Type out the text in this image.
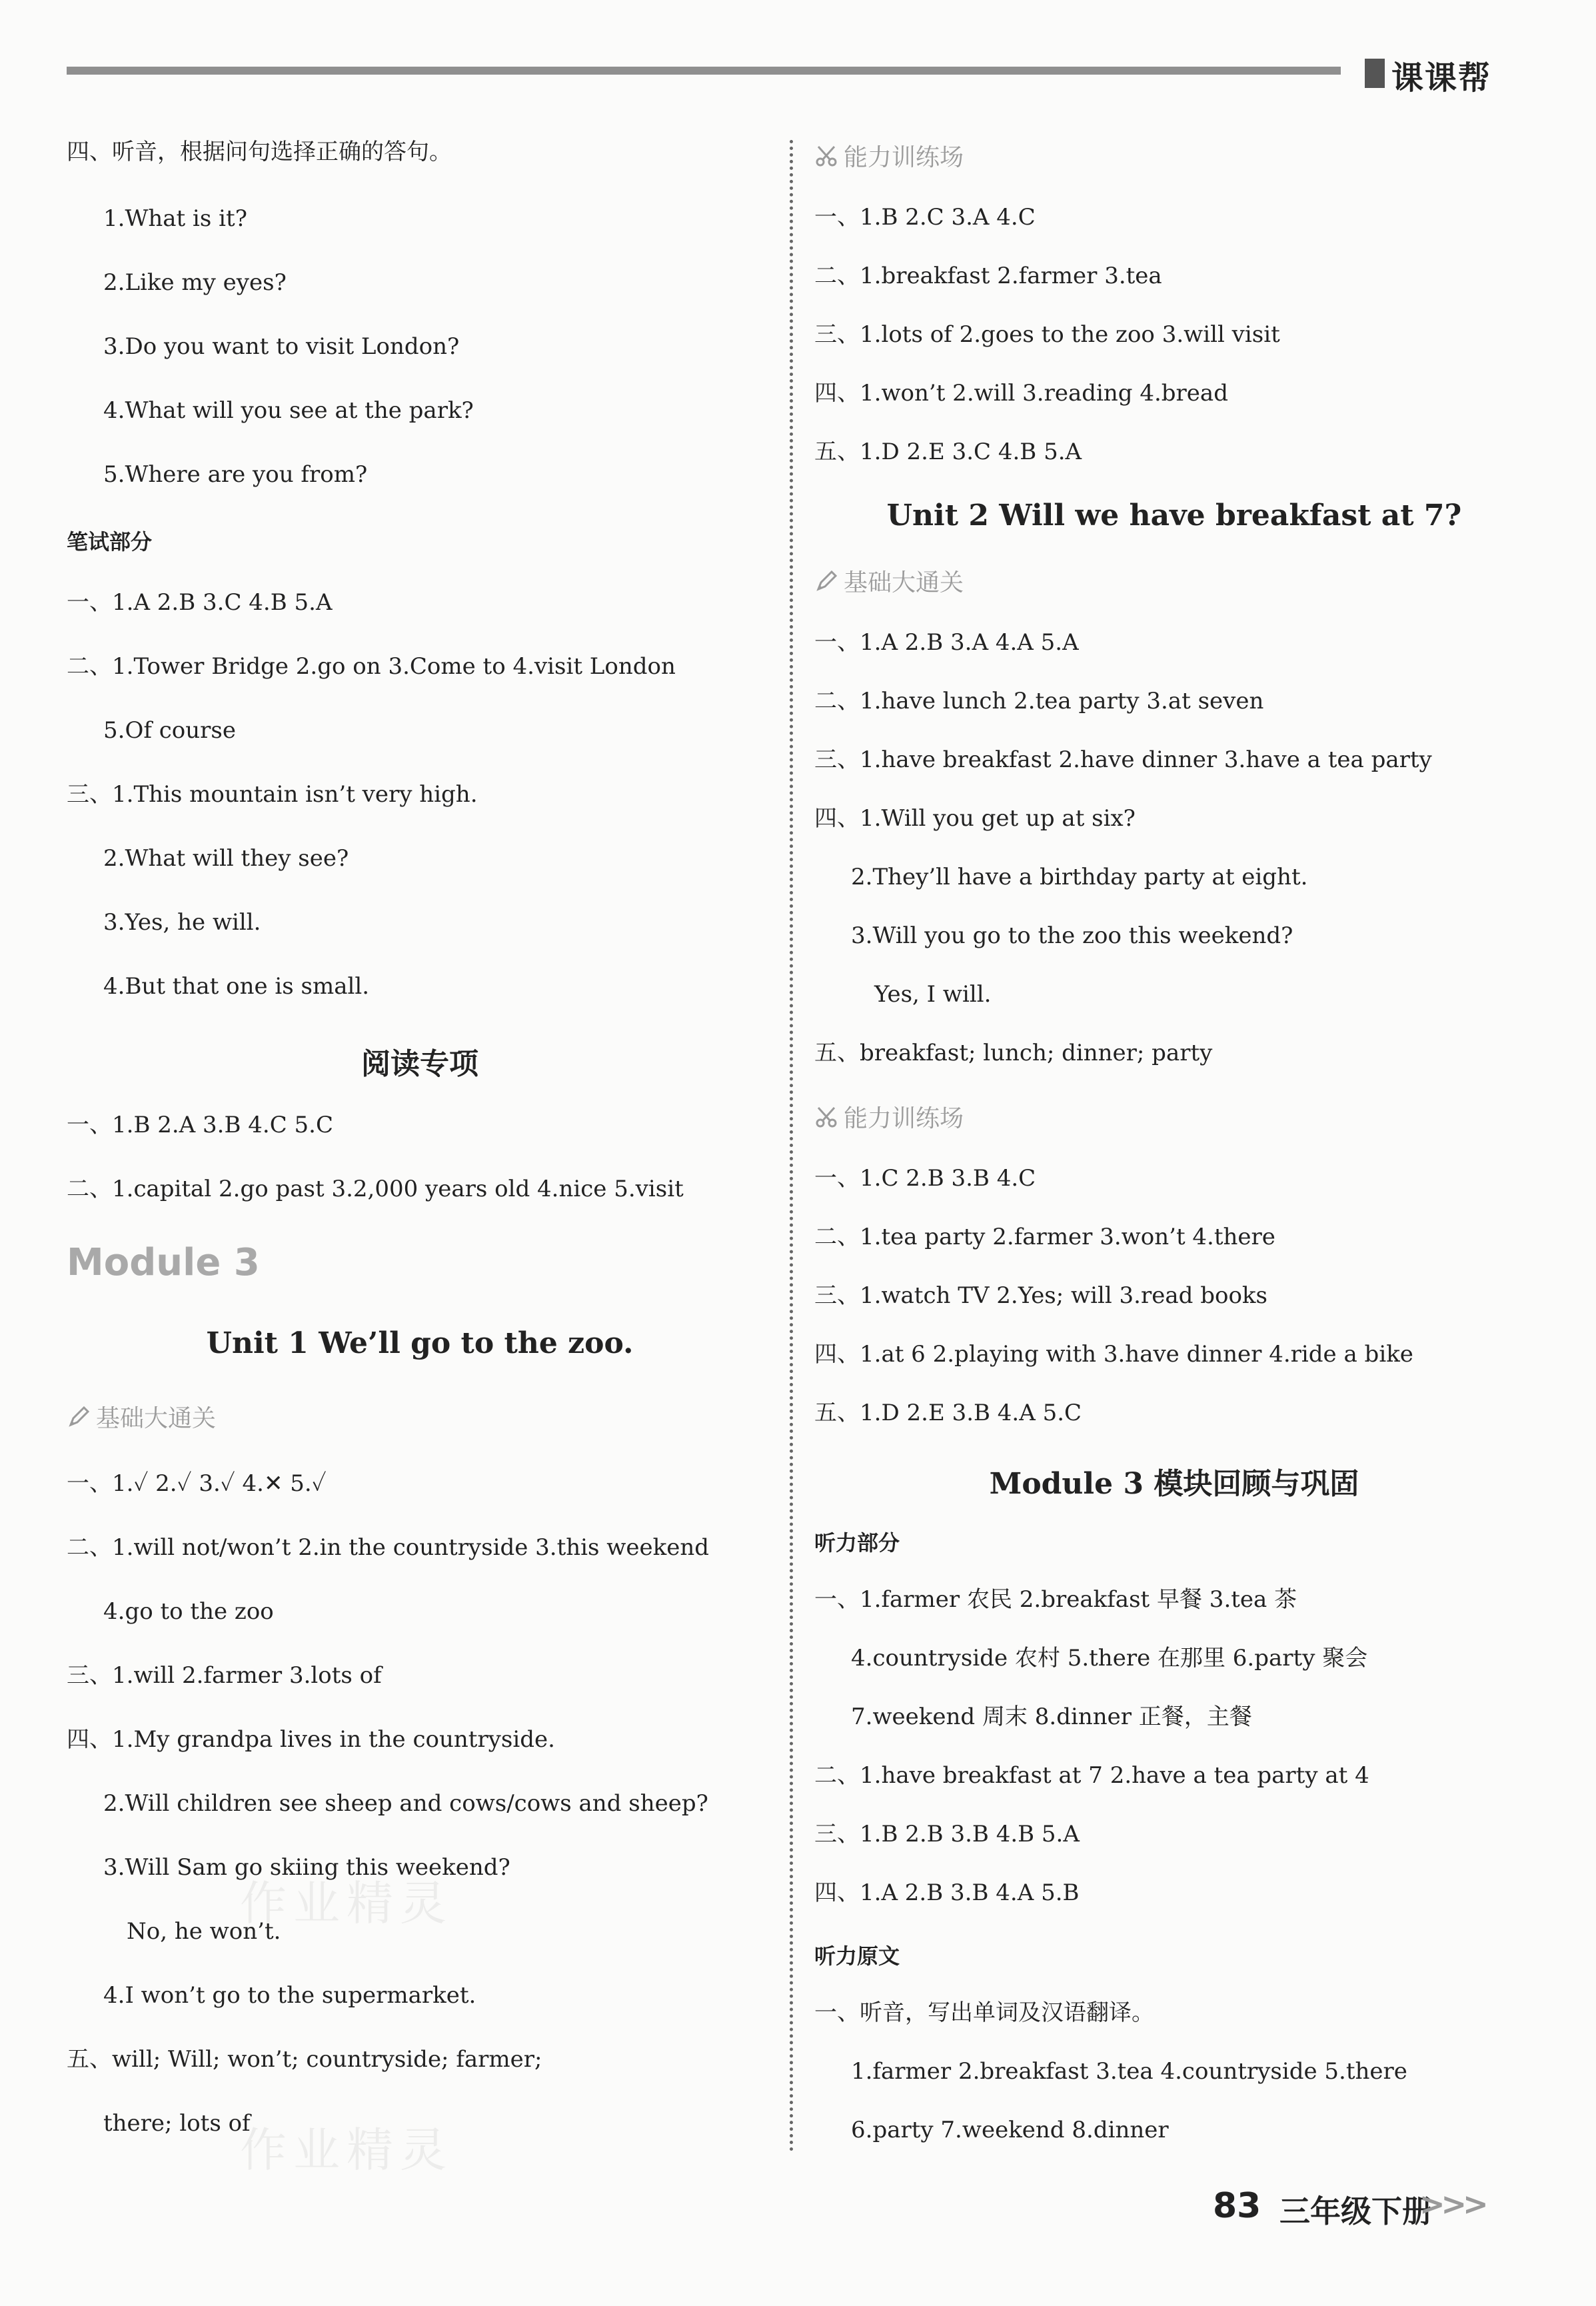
课课帮
四、听音，根据问句选择正确的答句。
1.What is it?
2.Like my eyes?
3.Do you want to visit London?
4.What will you see at the park?
5.Where are you from?
笔试部分
一、1.A 2.B 3.C 4.B 5.A
二、1.Tower Bridge 2.go on 3.Come to 4.visit London
5.Of course
三、1.This mountain isn’t very high.
2.What will they see?
3.Yes, he will.
4.But that one is small.
阅读专项
一、1.B 2.A 3.B 4.C 5.C
二、1.capital 2.go past 3.2,000 years old 4.nice 5.visit
Module 3
Unit 1 We’ll go to the zoo.
基础大通关
一、1.✓ 2.✓ 3.✓ 4.✕ 5.✓
二、1.will not/won’t 2.in the countryside 3.this weekend
4.go to the zoo
三、1.will 2.farmer 3.lots of
四、1.My grandpa lives in the countryside.
2.Will children see sheep and cows/cows and sheep?
3.Will Sam go skiing this weekend?
No, he won’t.
4.I won’t go to the supermarket.
五、will; Will; won’t; countryside; farmer;
there; lots of
能力训练场
一、1.B 2.C 3.A 4.C
二、1.breakfast 2.farmer 3.tea
三、1.lots of 2.goes to the zoo 3.will visit
四、1.won’t 2.will 3.reading 4.bread
五、1.D 2.E 3.C 4.B 5.A
Unit 2 Will we have breakfast at 7?
基础大通关
一、1.A 2.B 3.A 4.A 5.A
二、1.have lunch 2.tea party 3.at seven
三、1.have breakfast 2.have dinner 3.have a tea party
四、1.Will you get up at six?
2.They’ll have a birthday party at eight.
3.Will you go to the zoo this weekend?
Yes, I will.
五、breakfast; lunch; dinner; party
能力训练场
一、1.C 2.B 3.B 4.C
二、1.tea party 2.farmer 3.won’t 4.there
三、1.watch TV 2.Yes; will 3.read books
四、1.at 6 2.playing with 3.have dinner 4.ride a bike
五、1.D 2.E 3.B 4.A 5.C
Module 3 模块回顾与巩固
听力部分
一、1.farmer 农民 2.breakfast 早餐 3.tea 茶
4.countryside 农村 5.there 在那里 6.party 聚会
7.weekend 周末 8.dinner 正餐，主餐
二、1.have breakfast at 7 2.have a tea party at 4
三、1.B 2.B 3.B 4.B 5.A
四、1.A 2.B 3.B 4.A 5.B
听力原文
一、听音，写出单词及汉语翻译。
1.farmer 2.breakfast 3.tea 4.countryside 5.there
6.party 7.weekend 8.dinner
作业精灵
作业精灵
83 三年级下册
>>>
